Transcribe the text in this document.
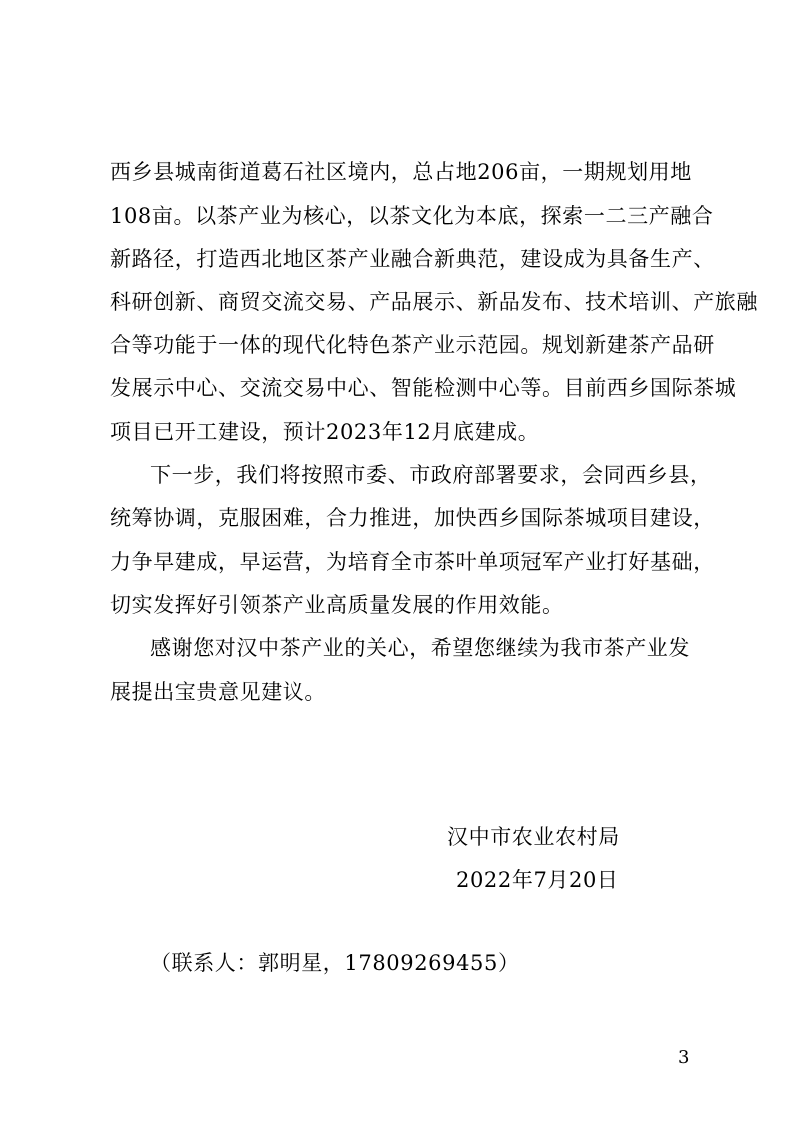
西乡县城南街道葛石社区境内，总占地206亩，一期规划用地
108亩。以茶产业为核心，以茶文化为本底，探索一二三产融合
新路径，打造西北地区茶产业融合新典范，建设成为具备生产、
科研创新、商贸交流交易、产品展示、新品发布、技术培训、产旅融
合等功能于一体的现代化特色茶产业示范园。规划新建茶产品研
发展示中心、交流交易中心、智能检测中心等。目前西乡国际茶城
项目已开工建设，预计2023年12月底建成。
下一步，我们将按照市委、市政府部署要求，会同西乡县，
统筹协调，克服困难，合力推进，加快西乡国际茶城项目建设，
力争早建成，早运营，为培育全市茶叶单项冠军产业打好基础，
切实发挥好引领茶产业高质量发展的作用效能。
感谢您对汉中茶产业的关心，希望您继续为我市茶产业发
展提出宝贵意见建议。
汉中市农业农村局
2022年7月20日
（联系人：郭明星，17809269455）
3
